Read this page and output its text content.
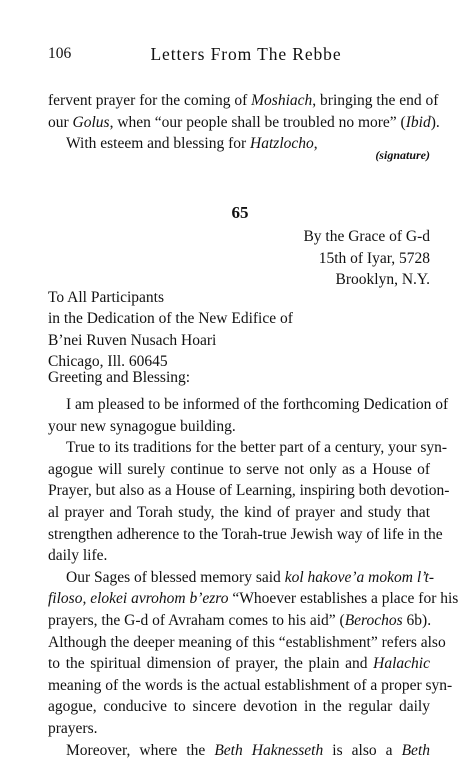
106	Letters From The Rebbe
fervent prayer for the coming of Moshiach, bringing the end of
our Golus, when “our people shall be troubled no more” (Ibid).
With esteem and blessing for Hatzlocho,
(signature)
65
By the Grace of G-d
15th of Iyar, 5728
Brooklyn, N.Y.
To All Participants
in the Dedication of the New Edifice of
B’nei Ruven Nusach Hoari
Chicago, Ill. 60645
Greeting and Blessing:
I am pleased to be informed of the forthcoming Dedication of
your new synagogue building.
True to its traditions for the better part of a century, your syn-
agogue will surely continue to serve not only as a House of
Prayer, but also as a House of Learning, inspiring both devotion-
al prayer and Torah study, the kind of prayer and study that
strengthen adherence to the Torah-true Jewish way of life in the
daily life.
Our Sages of blessed memory said kol hakove’a mokom l’t-
filoso, elokei avrohom b’ezro “Whoever establishes a place for his
prayers, the G-d of Avraham comes to his aid” (Berochos 6b).
Although the deeper meaning of this “establishment” refers also
to the spiritual dimension of prayer, the plain and Halachic
meaning of the words is the actual establishment of a proper syn-
agogue, conducive to sincere devotion in the regular daily
prayers.
Moreover, where the Beth Haknesseth is also a Beth
